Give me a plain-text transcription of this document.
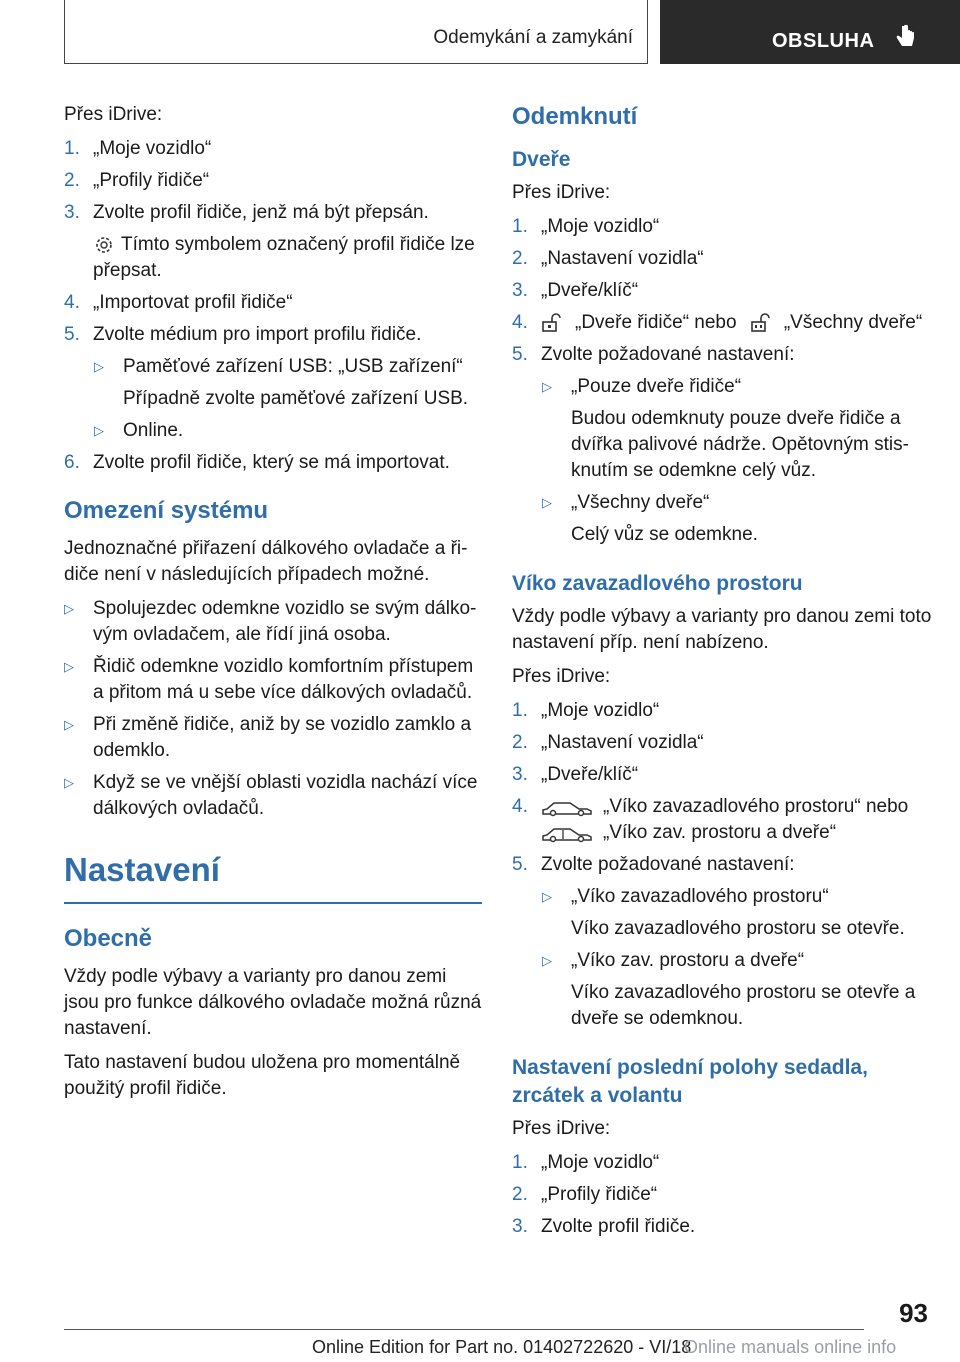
Odemykání a zamykání	OBSLUHA

Přes iDrive:

1. „Moje vozidlo“
2. „Profily řidiče“
3. Zvolte profil řidiče, jenž má být přepsán.
Tímto symbolem označený profil řidiče lze přepsat.
4. „Importovat profil řidiče“
5. Zvolte médium pro import profilu řidiče.
▷ Paměťové zařízení USB: „USB zařízení“
Případně zvolte paměťové zařízení USB.
▷ Online.
6. Zvolte profil řidiče, který se má importovat.
Omezení systému

Jednoznačné přiřazení dálkového ovladače a ři- diče není v následujících případech možné.

▷ Spolujezdec odemkne vozidlo se svým dálko- vým ovladačem, ale řídí jiná osoba.
▷ Řidič odemkne vozidlo komfortním přístupem a přitom má u sebe více dálkových ovladačů.
▷ Při změně řidiče, aniž by se vozidlo zamklo a odemklo.
▷ Když se ve vnější oblasti vozidla nachází více dálkových ovladačů.
Nastavení
Obecně

Vždy podle výbavy a varianty pro danou zemi jsou pro funkce dálkového ovladače možná různá nastavení.

Tato nastavení budou uložena pro momentálně použitý profil řidiče.

Odemknutí
Dveře

Přes iDrive:

1. „Moje vozidlo“
2. „Nastavení vozidla“
3. „Dveře/klíč“
4. „Dveře řidiče“ nebo „Všechny dveře“
5. Zvolte požadované nastavení:
▷ „Pouze dveře řidiče“
Budou odemknuty pouze dveře řidiče a dvířka palivové nádrže. Opětovným stis- knutím se odemkne celý vůz.
▷ „Všechny dveře“
Celý vůz se odemkne.
Víko zavazadlového prostoru

Vždy podle výbavy a varianty pro danou zemi toto nastavení příp. není nabízeno.

Přes iDrive:

1. „Moje vozidlo“
2. „Nastavení vozidla“
3. „Dveře/klíč“
4.	„Víko zavazadlového prostoru“ nebo
„Víko zav. prostoru a dveře“
5. Zvolte požadované nastavení:
▷ „Víko zavazadlového prostoru“
Víko zavazadlového prostoru se otevře.
▷ „Víko zav. prostoru a dveře“
Víko zavazadlového prostoru se otevře a dveře se odemknou.
Nastavení poslední polohy sedadla, zrcátek a volantu

Přes iDrive:

1. „Moje vozidlo“
2. „Profily řidiče“
3. Zvolte profil řidiče.
93
Online Edition for Part no. 01402722620 - VI/18
Online manuals online info
